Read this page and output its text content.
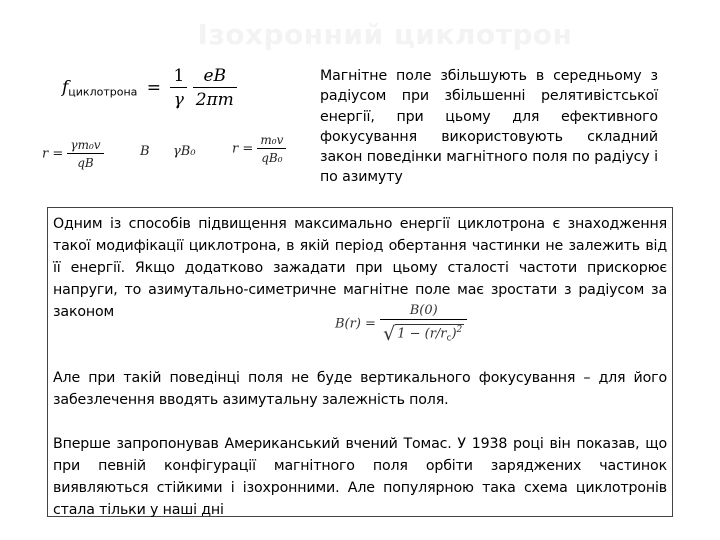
Ізохронний циклотрон
$f_{циклотрона} = \frac{1}{\gamma}$
$\frac{eB}{2\pi m}$
$r = \frac{\text{γm₀v}}{qB}$	B γB₀	$r = \frac{\text{m₀v}}{\text{qB₀}}$
Магнітне поле збільшують в середньому з радіусом при збільшенні релятивістської енергії, при цьому для ефективного фокусування використовують складний закон поведінки магнітного поля по радіусу і по азимуту

Одним із способів підвищення максимально енергії циклотрона є знаходження такої модифікації циклотрона, в якій період обертання частинки не залежить від її енергії. Якщо додатково зажадати при цьому сталості частоти прискорює напруги, то азимутально-симетричне магнітне поле має зростати з радіусом за законом

Але при такій поведінці поля не буде вертикального фокусування – для його забезлечення вводять азимутальну залежність поля.

Вперше запропонував Американський вчений Томас. У 1938 році він показав, що при певній конфігурації магнітного поля орбіти заряджених частинок виявляються стійкими і ізохронними. Але популярною така схема циклотронів стала тільки у наші дні

$B(r) = \frac{B(0)}{√ 1 - (r/r_c)^2}$
